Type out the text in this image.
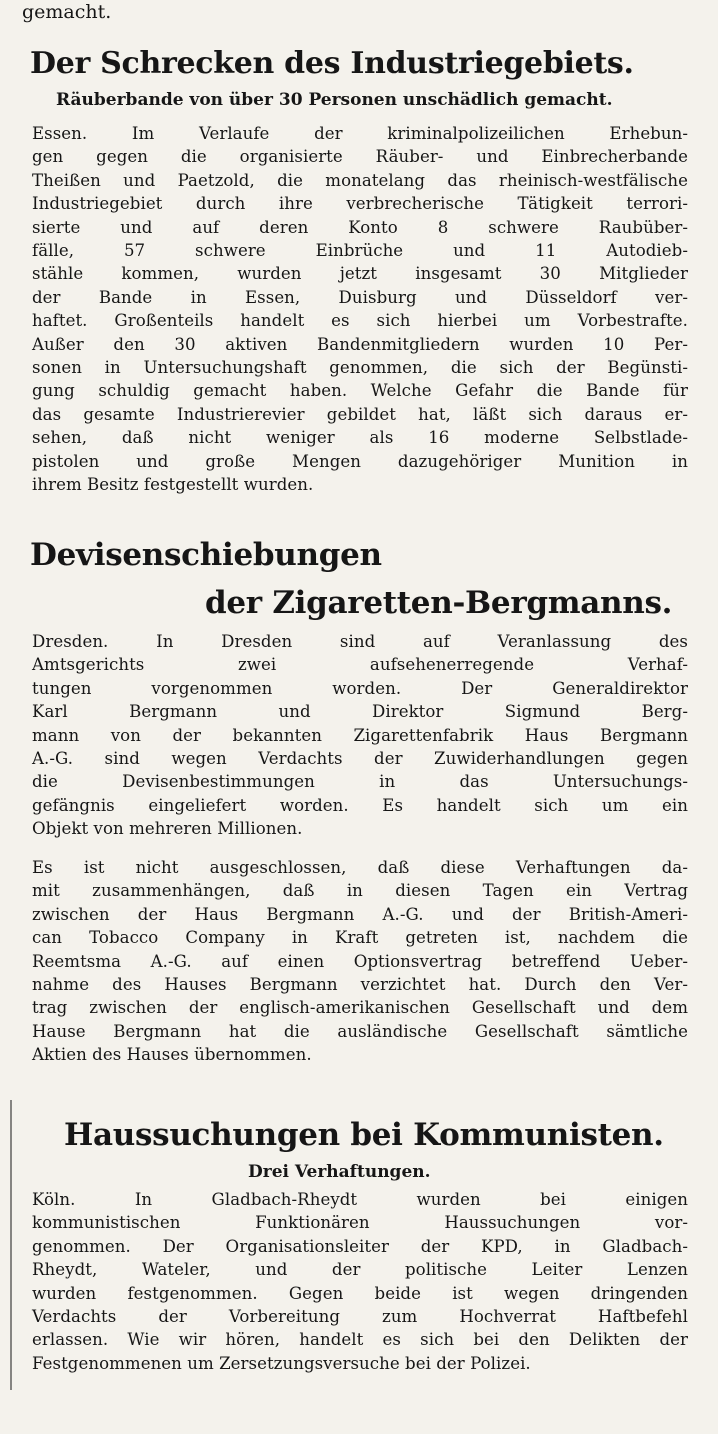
gemacht.

Der Schrecken des Industriegebiets.

Räuberbande von über 30 Personen unschädlich gemacht.

Essen. Im Verlaufe der kriminalpolizeilichen Erhebun-
gen gegen die organisierte Räuber- und Einbrecherbande
Theißen und Paetzold, die monatelang das rheinisch-westfälische
Industriegebiet durch ihre verbrecherische Tätigkeit terrori-
sierte und auf deren Konto 8 schwere Raubüber-
fälle, 57 schwere Einbrüche und 11 Autodieb-
stähle kommen, wurden jetzt insgesamt 30 Mitglieder
der Bande in Essen, Duisburg und Düsseldorf ver-
haftet. Großenteils handelt es sich hierbei um Vorbestrafte.
Außer den 30 aktiven Bandenmitgliedern wurden 10 Per-
sonen in Untersuchungshaft genommen, die sich der Begünsti-
gung schuldig gemacht haben. Welche Gefahr die Bande für
das gesamte Industrierevier gebildet hat, läßt sich daraus er-
sehen, daß nicht weniger als 16 moderne Selbstlade-
pistolen und große Mengen dazugehöriger Munition in
ihrem Besitz festgestellt wurden.
Devisenschiebungen
der Zigaretten-Bergmanns.
Dresden. In Dresden sind auf Veranlassung des
Amtsgerichts zwei aufsehenerregende Verhaf-
tungen vorgenommen worden. Der Generaldirektor
Karl Bergmann und Direktor Sigmund Berg-
mann von der bekannten Zigarettenfabrik Haus Bergmann
A.-G. sind wegen Verdachts der Zuwiderhandlungen gegen
die Devisenbestimmungen in das Untersuchungs-
gefängnis eingeliefert worden. Es handelt sich um ein
Objekt von mehreren Millionen.
Es ist nicht ausgeschlossen, daß diese Verhaftungen da-
mit zusammenhängen, daß in diesen Tagen ein Vertrag
zwischen der Haus Bergmann A.-G. und der British-Ameri-
can Tobacco Company in Kraft getreten ist, nachdem die
Reemtsma A.-G. auf einen Optionsvertrag betreffend Ueber-
nahme des Hauses Bergmann verzichtet hat. Durch den Ver-
trag zwischen der englisch-amerikanischen Gesellschaft und dem
Hause Bergmann hat die ausländische Gesellschaft sämtliche
Aktien des Hauses übernommen.
Haussuchungen bei Kommunisten.

Drei Verhaftungen.

Köln. In Gladbach-Rheydt wurden bei einigen
kommunistischen Funktionären Haussuchungen vor-
genommen. Der Organisationsleiter der KPD, in Gladbach-
Rheydt, Wateler, und der politische Leiter Lenzen
wurden festgenommen. Gegen beide ist wegen dringenden
Verdachts der Vorbereitung zum Hochverrat Haftbefehl
erlassen. Wie wir hören, handelt es sich bei den Delikten der
Festgenommenen um Zersetzungsversuche bei der Polizei.
